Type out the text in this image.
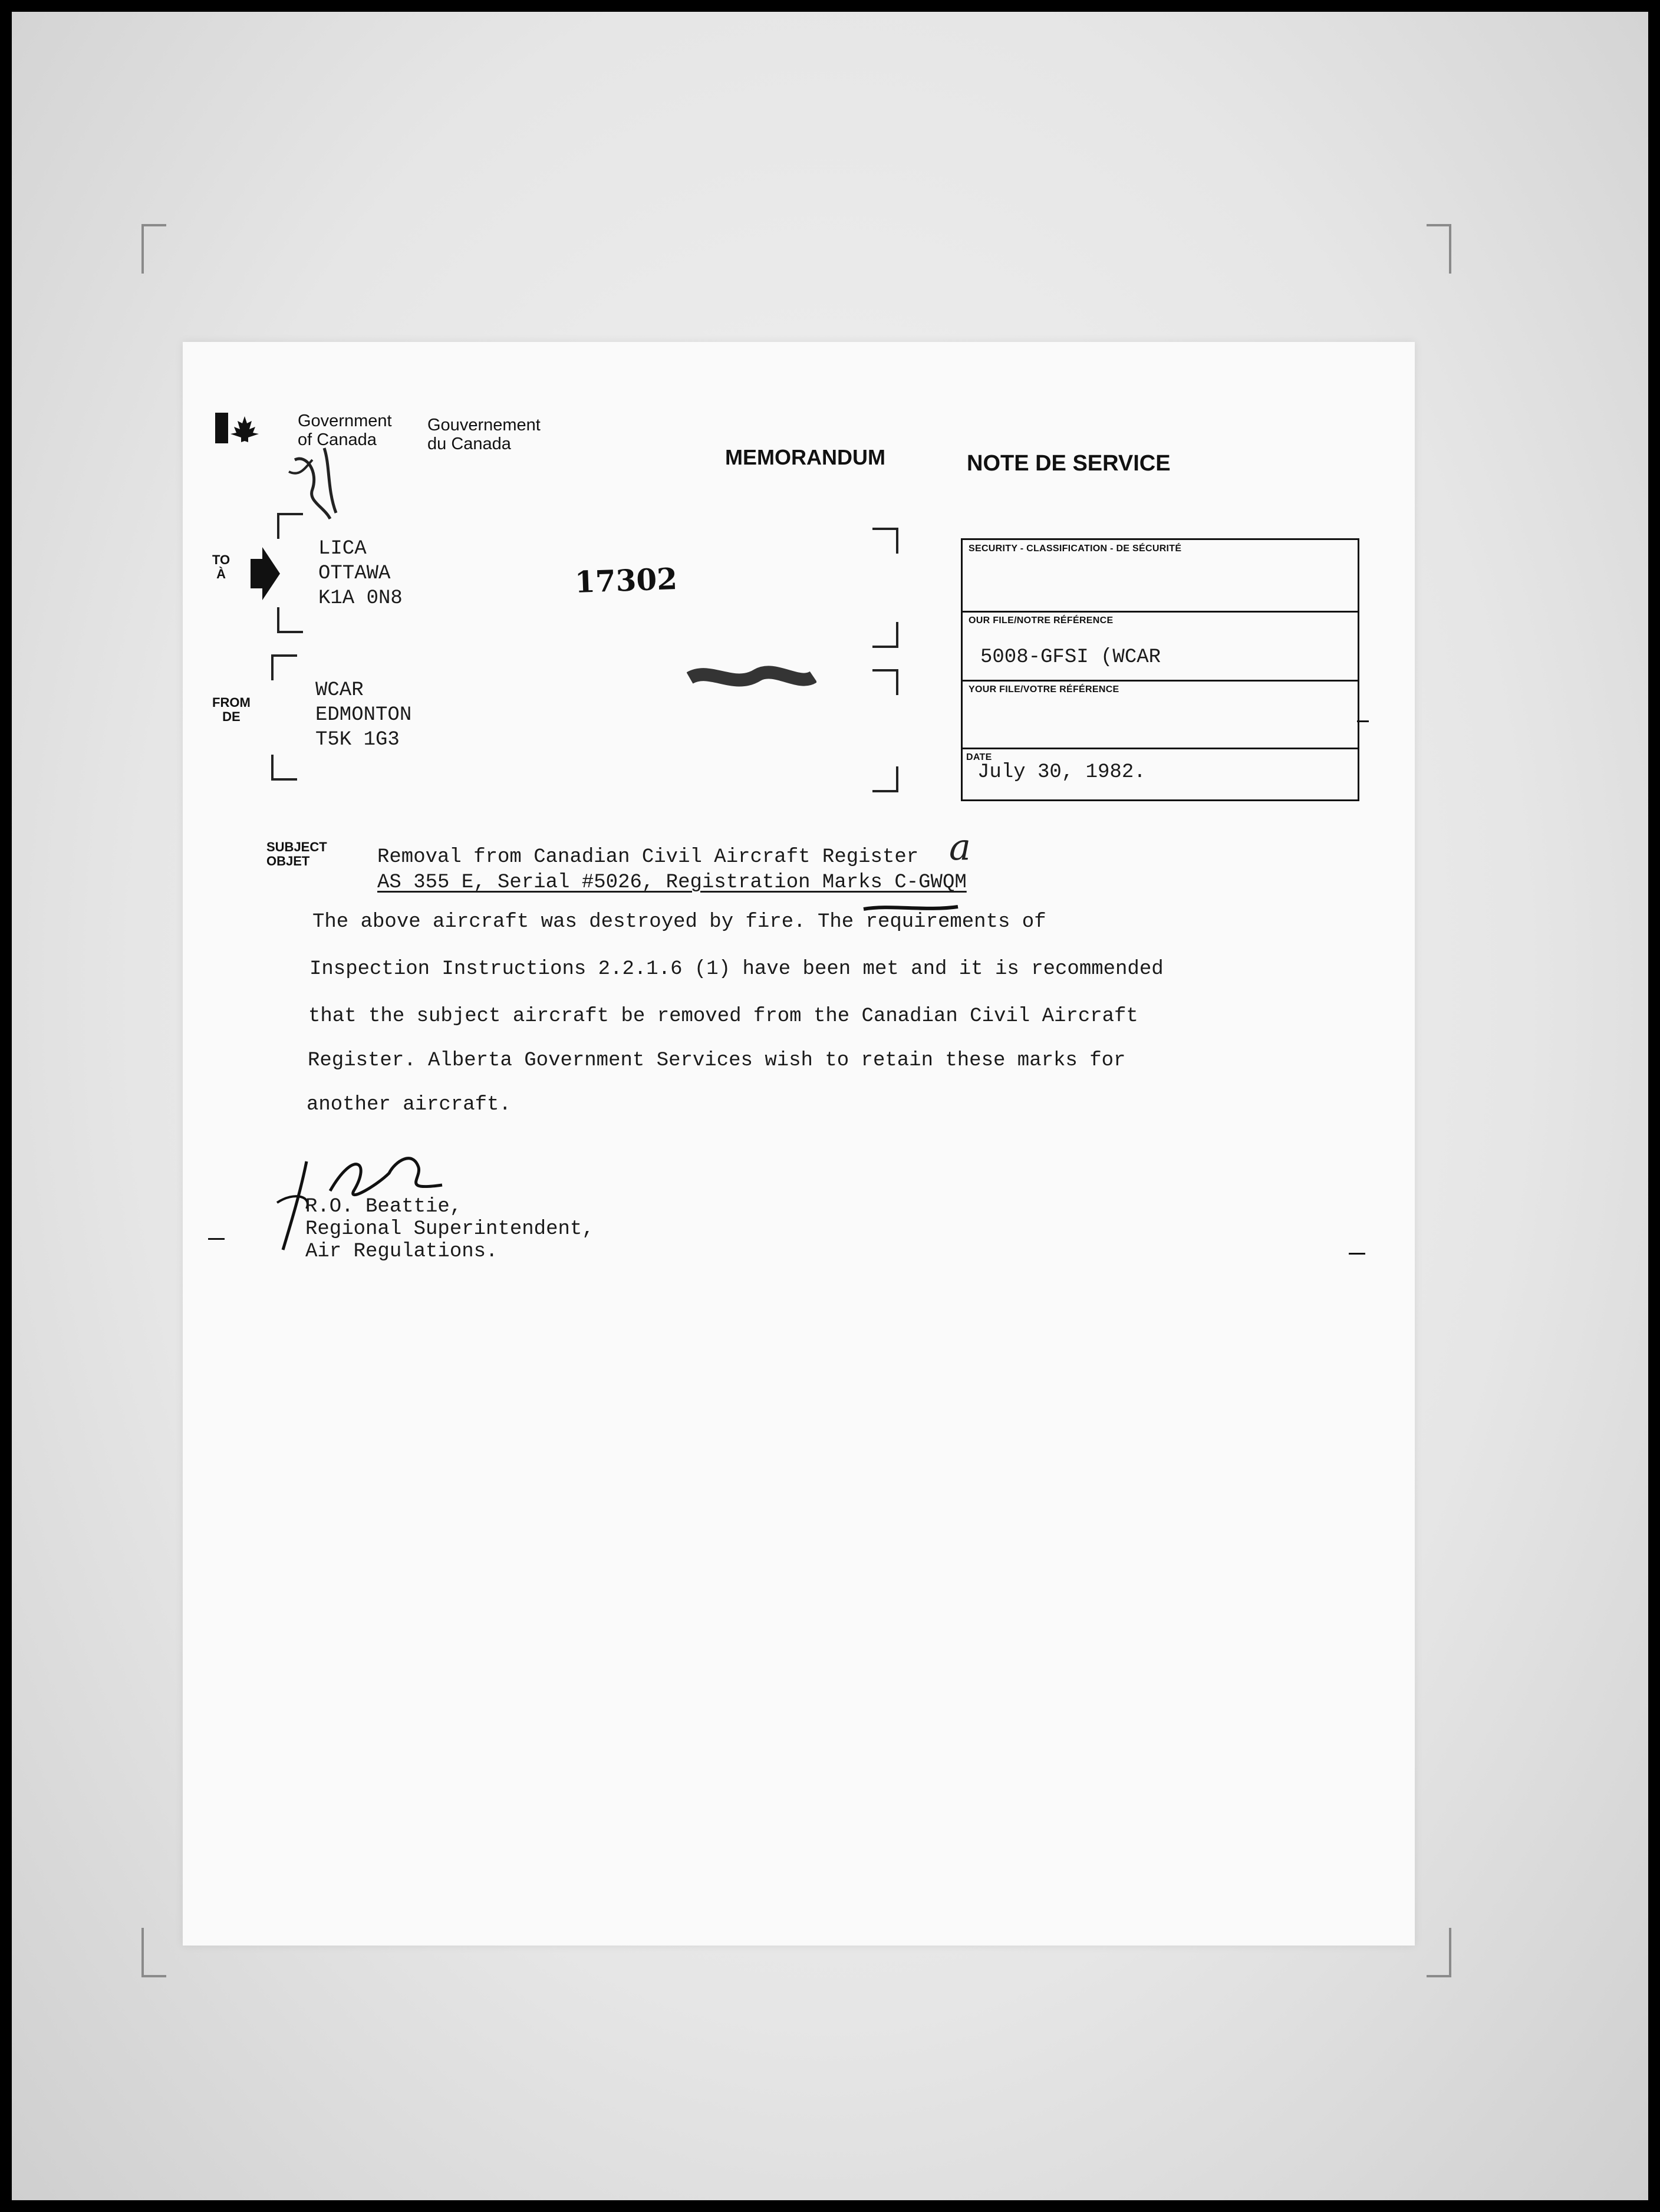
Government
of Canada
Gouvernement
du Canada
MEMORANDUM	NOTE DE SERVICE
TO
À
LICA
OTTAWA
K1A 0N8
FROM
DE
WCAR
EDMONTON
T5K 1G3
17302
SECURITY - CLASSIFICATION - DE SÉCURITÉ
OUR FILE/NOTRE RÉFÉRENCE
5008-GFSI (WCAR
YOUR FILE/VOTRE RÉFÉRENCE
DATE
July 30, 1982.
SUBJECT
OBJET	Removal from Canadian Civil Aircraft Register
AS 355 E, Serial #5026, Registration Marks C-GWQM
a
The above aircraft was destroyed by fire. The requirements of
Inspection Instructions 2.2.1.6 (1) have been met and it is recommended
that the subject aircraft be removed from the Canadian Civil Aircraft
Register. Alberta Government Services wish to retain these marks for
another aircraft.
R.O. Beattie,
Regional Superintendent,
Air Regulations.
